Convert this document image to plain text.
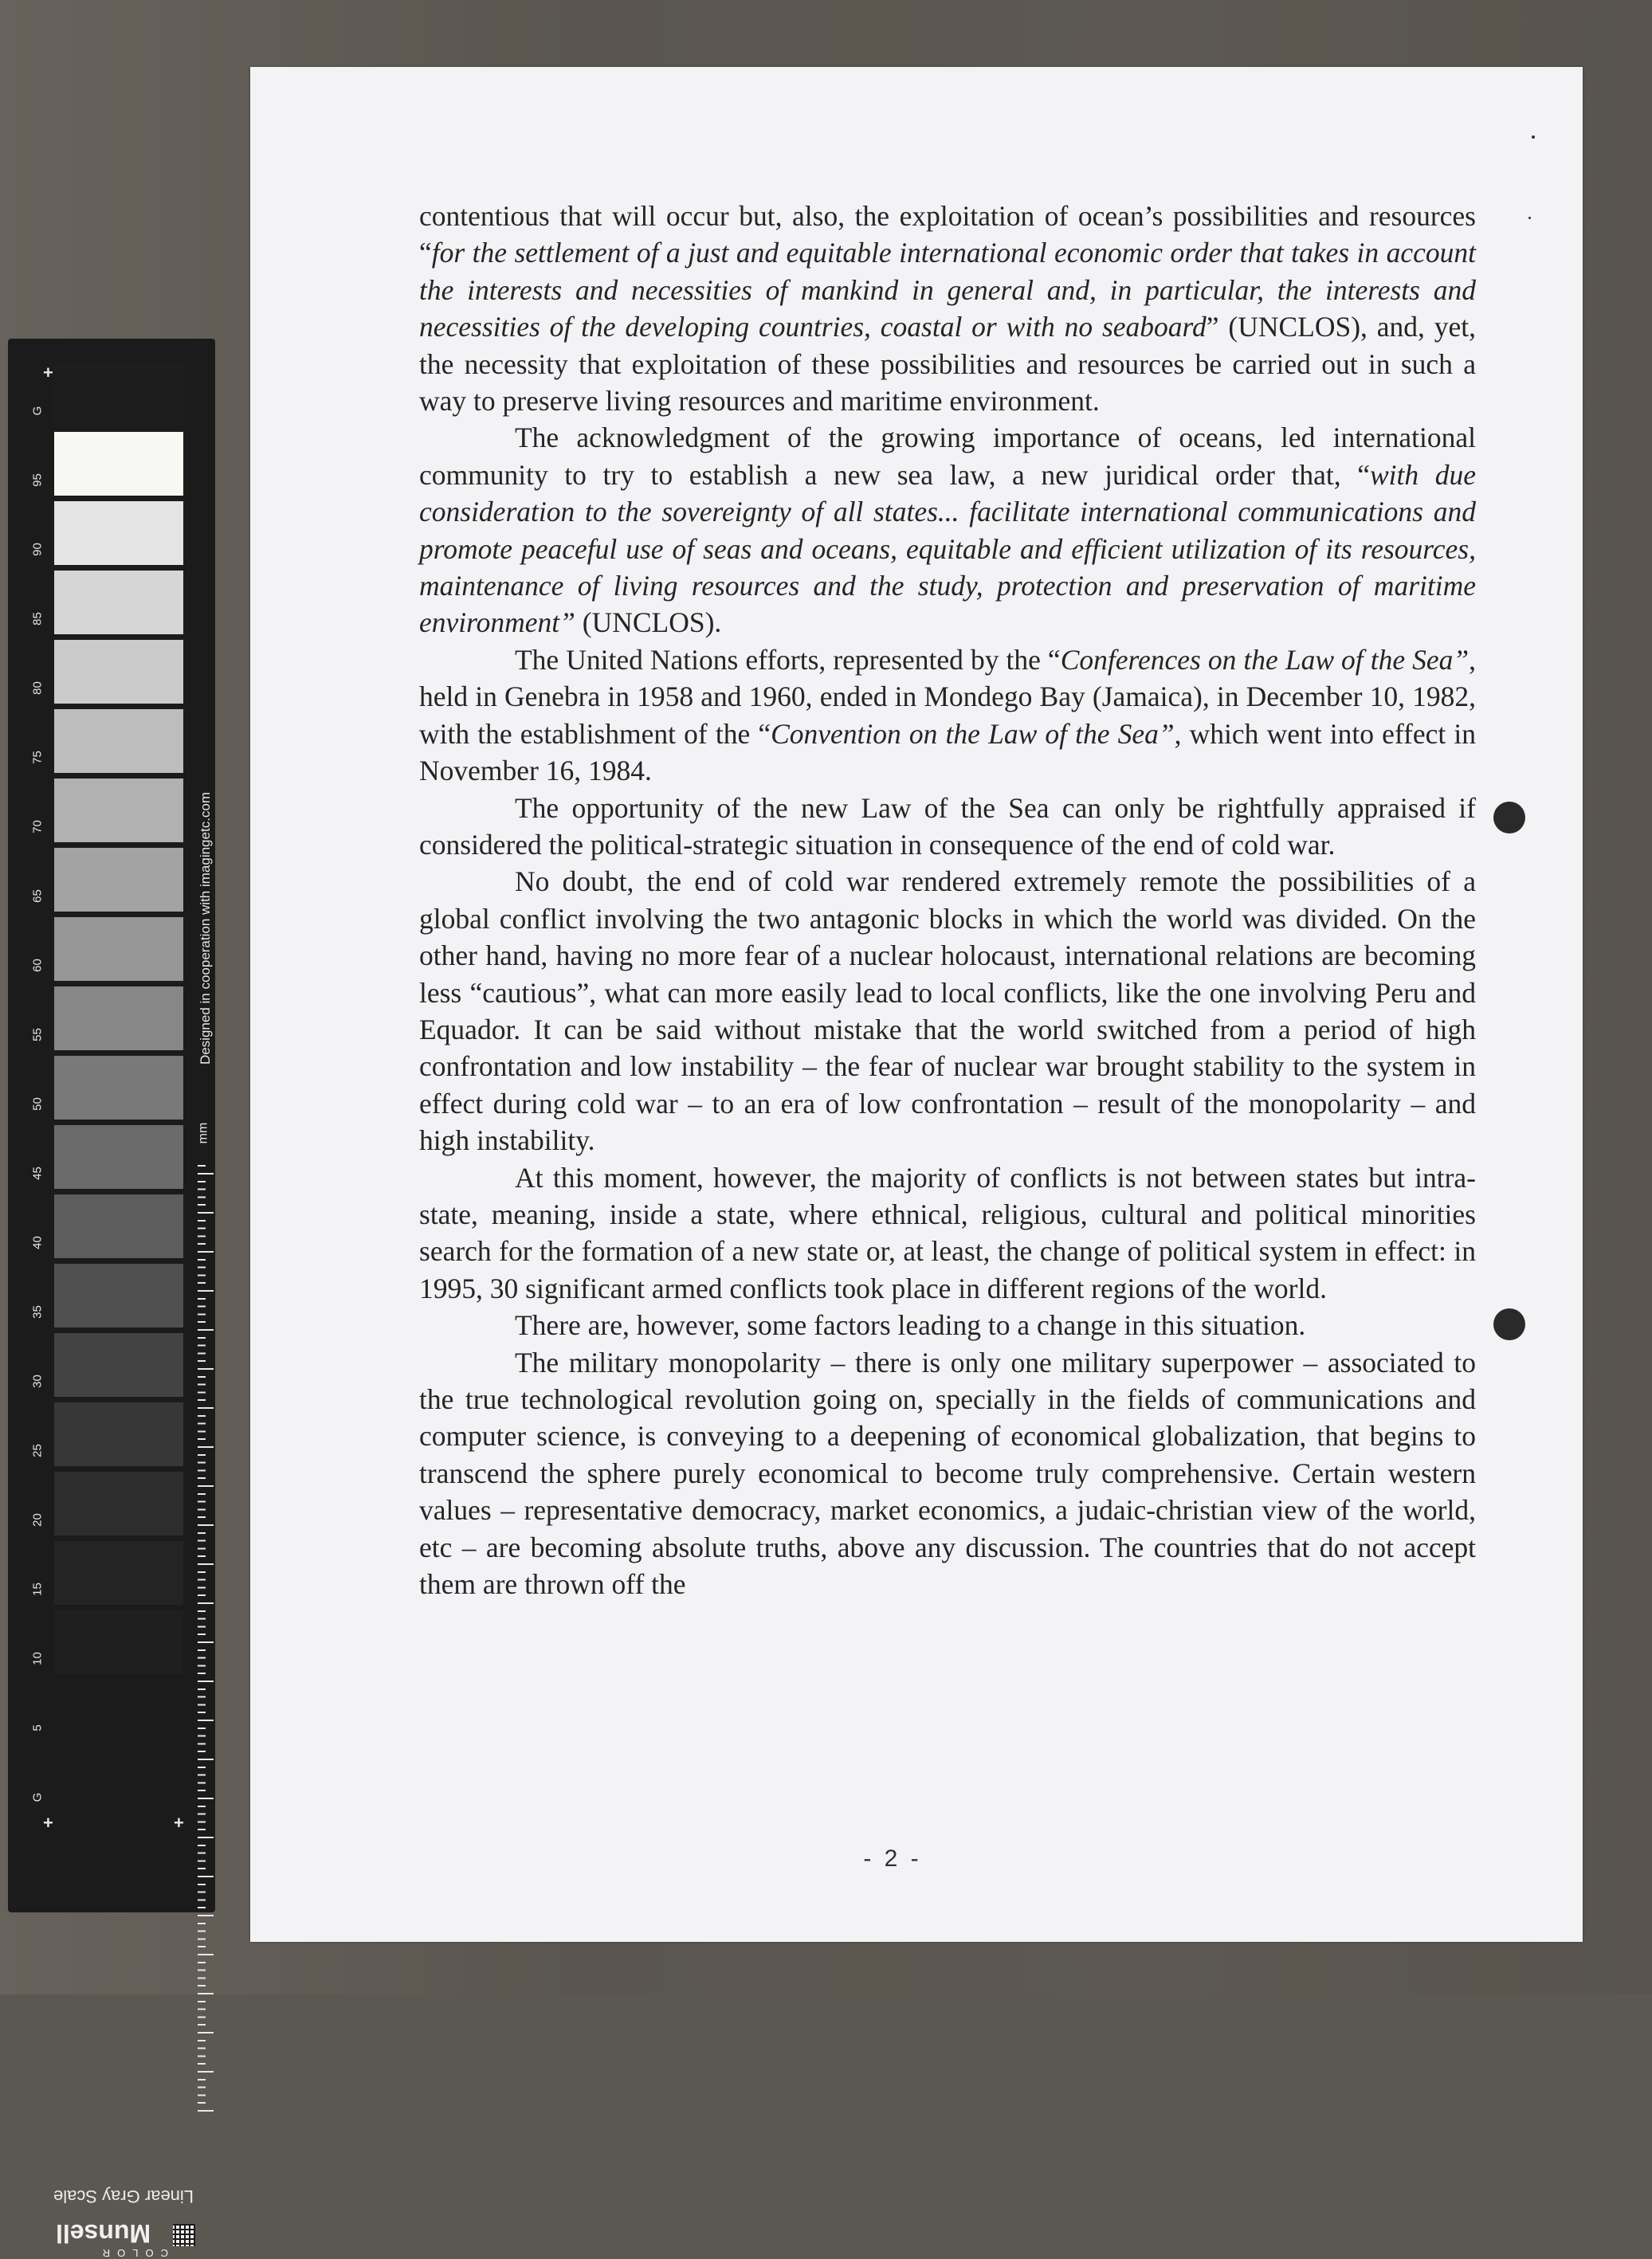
+
+	+
G
95
90
85
80
75
70
65
60
55
50
45
40
35
30
25
20
15
10
5
G
Designed in cooperation with imagingetc.com
mm
Linear Gray Scale
COLOR
Munsell

contentious that will occur but, also, the exploitation of ocean’s possibilities and resources “for the settlement of a just and equitable international economic order that takes in account the interests and necessities of mankind in general and, in particular, the interests and necessities of the developing countries, coastal or with no seaboard” (UNCLOS), and, yet, the necessity that exploitation of these possibilities and resources be carried out in such a way to preserve living resources and maritime environment.

The acknowledgment of the growing importance of oceans, led international community to try to establish a new sea law, a new juridical order that, “with due consideration to the sovereignty of all states... facilitate international communications and promote peaceful use of seas and oceans, equitable and efficient utilization of its resources, maintenance of living resources and the study, protection and preservation of maritime environment” (UNCLOS).

The United Nations efforts, represented by the “Conferences on the Law of the Sea”, held in Genebra in 1958 and 1960, ended in Mondego Bay (Jamaica), in December 10, 1982, with the establishment of the “Convention on the Law of the Sea”, which went into effect in November 16, 1984.

The opportunity of the new Law of the Sea can only be rightfully appraised if considered the political-strategic situation in consequence of the end of cold war.

No doubt, the end of cold war rendered extremely remote the possibilities of a global conflict involving the two antagonic blocks in which the world was divided. On the other hand, having no more fear of a nuclear holocaust, international relations are becoming less “cautious”, what can more easily lead to local conflicts, like the one involving Peru and Equador. It can be said without mistake that the world switched from a period of high confrontation and low instability – the fear of nuclear war brought stability to the system in effect during cold war – to an era of low confrontation – result of the monopolarity – and high instability.

At this moment, however, the majority of conflicts is not between states but intra-state, meaning, inside a state, where ethnical, religious, cultural and political minorities search for the formation of a new state or, at least, the change of political system in effect: in 1995, 30 significant armed conflicts took place in different regions of the world.

There are, however, some factors leading to a change in this situation.

The military monopolarity – there is only one military superpower – associated to the true technological revolution going on, specially in the fields of communications and computer science, is conveying to a deepening of economical globalization, that begins to transcend the sphere purely economical to become truly comprehensive. Certain western values – representative democracy, market economics, a judaic-christian view of the world, etc – are becoming absolute truths, above any discussion. The countries that do not accept them are thrown off the

- 2 -
